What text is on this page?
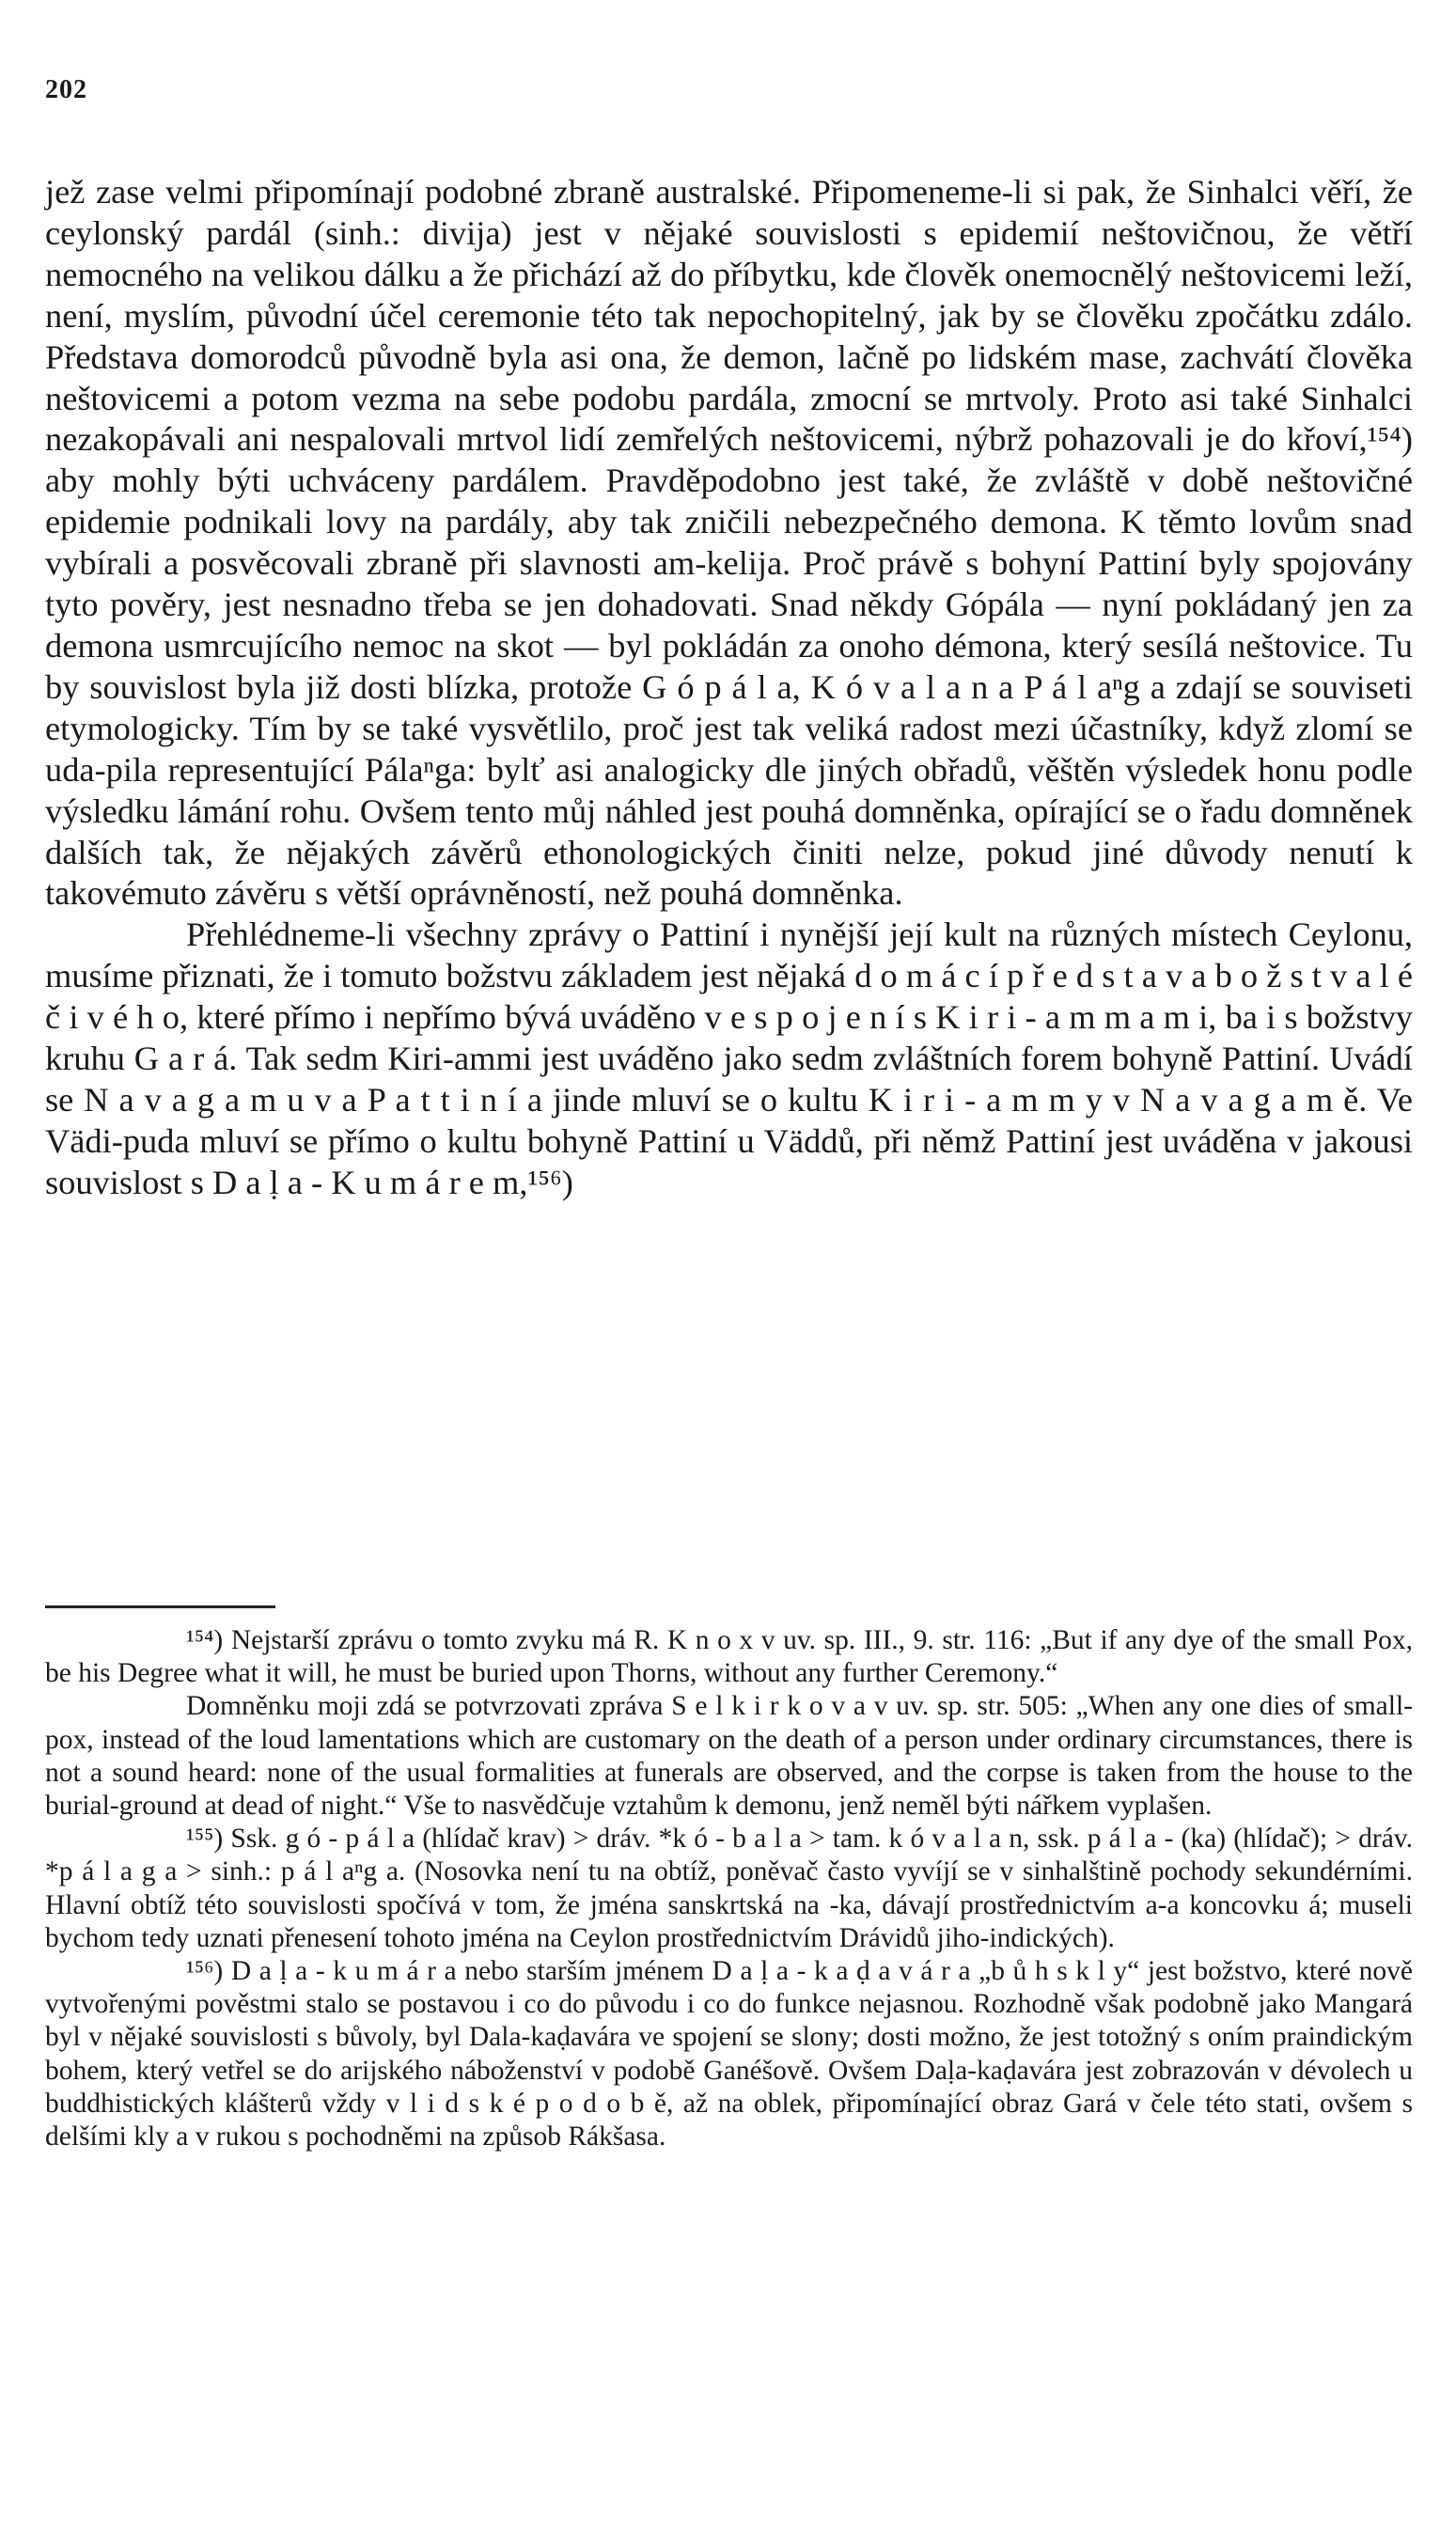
202

jež zase velmi připomínají podobné zbraně australské. Připomeneme-li si pak, že Sinhalci věří, že ceylonský pardál (sinh.: divija) jest v nějaké souvislosti s epidemií neštovičnou, že větří nemocného na velikou dálku a že přichází až do příbytku, kde člověk onemocnělý neštovicemi leží, není, myslím, původní účel ceremonie této tak nepochopitelný, jak by se člověku zpočátku zdálo. Představa domorodců původně byla asi ona, že demon, lačně po lidském mase, zachvátí člověka neštovicemi a potom vezma na sebe podobu pardála, zmocní se mrtvoly. Proto asi také Sinhalci nezakopávali ani nespalovali mrtvol lidí zemřelých neštovicemi, nýbrž pohazovali je do křoví,¹⁵⁴) aby mohly býti uchváceny pardálem. Pravděpodobno jest také, že zvláště v době neštovičné epidemie podnikali lovy na pardály, aby tak zničili nebezpečného demona. K těmto lovům snad vybírali a posvěcovali zbraně při slavnosti am-kelija. Proč právě s bohyní Pattiní byly spojovány tyto pověry, jest nesnadno třeba se jen dohadovati. Snad někdy Gópála — nyní pokládaný jen za demona usmrcujícího nemoc na skot — byl pokládán za onoho démona, který sesílá neštovice. Tu by souvislost byla již dosti blízka, protože G ó p á l a, K ó v a l a n a P á l aⁿg a zdají se souviseti etymologicky. Tím by se také vysvětlilo, proč jest tak veliká radost mezi účastníky, když zlomí se uda-pila representující Pálaⁿga: bylť asi analogicky dle jiných obřadů, věštěn výsledek honu podle výsledku lámání rohu. Ovšem tento můj náhled jest pouhá domněnka, opírající se o řadu domněnek dalších tak, že nějakých závěrů ethonologických činiti nelze, pokud jiné důvody nenutí k takovémuto závěru s větší oprávněností, než pouhá domněnka.

Přehlédneme-li všechny zprávy o Pattiní i nynější její kult na různých místech Ceylonu, musíme přiznati, že i tomuto božstvu základem jest nějaká d o m á c í p ř e d s t a v a b o ž s t v a l é č i v é h o, které přímo i nepřímo bývá uváděno v e s p o j e n í s K i r i - a m m a m i, ba i s božstvy kruhu G a r á. Tak sedm Kiri-ammi jest uváděno jako sedm zvláštních forem bohyně Pattiní. Uvádí se N a v a g a m u v a P a t t i n í a jinde mluví se o kultu K i r i - a m m y v N a v a g a m ě. Ve Vädi-puda mluví se přímo o kultu bohyně Pattiní u Väddů, při němž Pattiní jest uváděna v jakousi souvislost s D a ḷ a - K u m á r e m,¹⁵⁶)

¹⁵⁴) Nejstarší zprávu o tomto zvyku má R. K n o x v uv. sp. III., 9. str. 116: „But if any dye of the small Pox, be his Degree what it will, he must be buried upon Thorns, without any further Ceremony.“

Domněnku moji zdá se potvrzovati zpráva S e l k i r k o v a v uv. sp. str. 505: „When any one dies of small-pox, instead of the loud lamentations which are customary on the death of a person under ordinary circumstances, there is not a sound heard: none of the usual formalities at funerals are observed, and the corpse is taken from the house to the burial-ground at dead of night.“ Vše to nasvědčuje vztahům k demonu, jenž neměl býti nářkem vyplašen.

¹⁵⁵) Ssk. g ó - p á l a (hlídač krav) > dráv. *k ó - b a l a > tam. k ó v a l a n, ssk. p á l a - (ka) (hlídač); > dráv. *p á l a g a > sinh.: p á l aⁿg a. (Nosovka není tu na obtíž, poněvač často vyvíjí se v sinhalštině pochody sekundérními. Hlavní obtíž této souvislosti spočívá v tom, že jména sanskrtská na -ka, dávají prostřednictvím a-a koncovku á; museli bychom tedy uznati přenesení tohoto jména na Ceylon prostřednictvím Drávidů jiho-indických).

¹⁵⁶) D a ḷ a - k u m á r a nebo starším jménem D a ḷ a - k a ḍ a v á r a „b ů h s k l y“ jest božstvo, které nově vytvořenými pověstmi stalo se postavou i co do původu i co do funkce nejasnou. Rozhodně však podobně jako Mangará byl v nějaké souvislosti s bůvoly, byl Dala-kaḍavára ve spojení se slony; dosti možno, že jest totožný s oním praindickým bohem, který vetřel se do arijského náboženství v podobě Ganéšově. Ovšem Daḷa-kaḍavára jest zobrazován v dévolech u buddhistických klášterů vždy v l i d s k é p o d o b ě, až na oblek, připomínající obraz Gará v čele této stati, ovšem s delšími kly a v rukou s pochodněmi na způsob Rákšasa.
